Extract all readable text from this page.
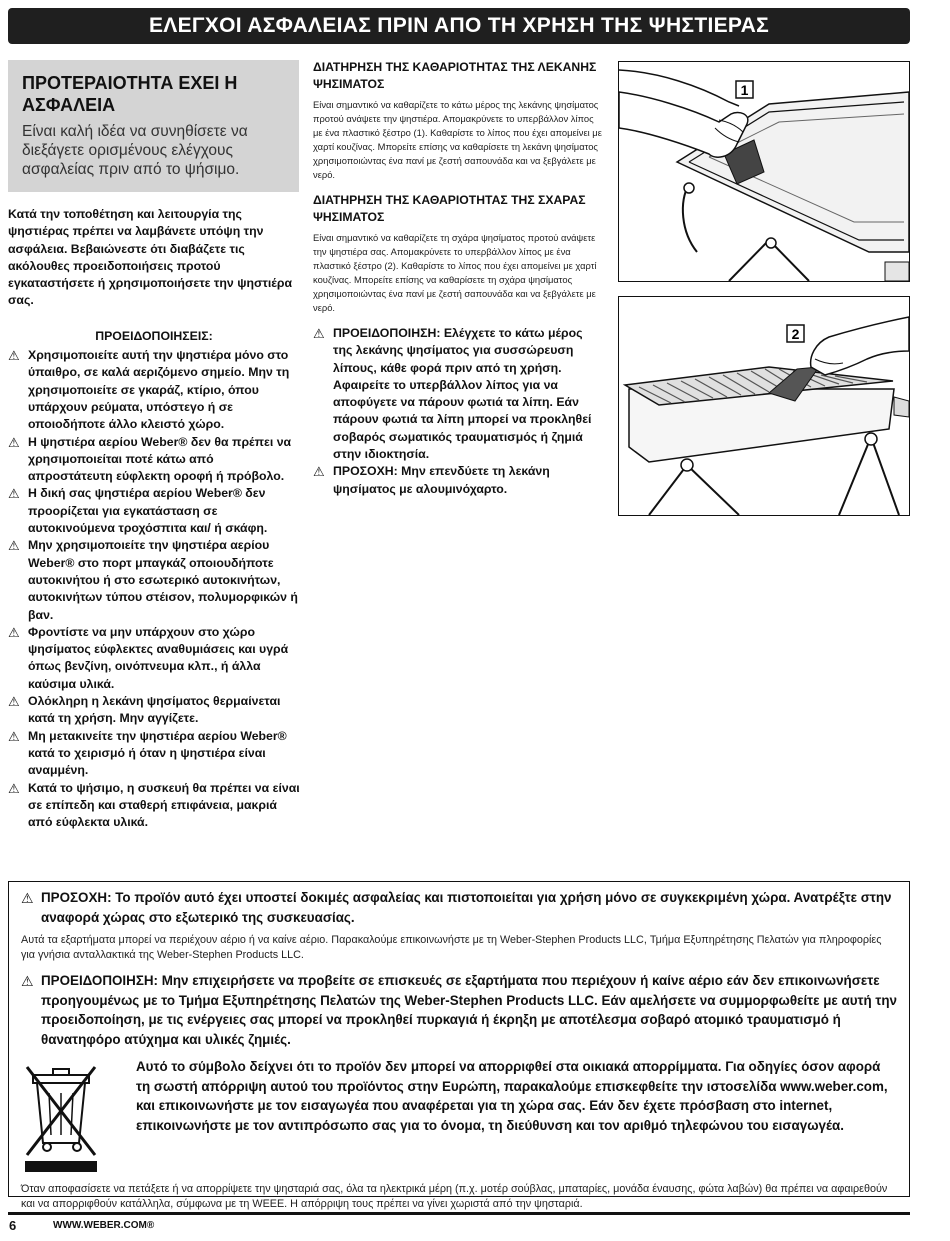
ΕΛΕΓΧΟΙ ΑΣΦΑΛΕΙΑΣ ΠΡΙΝ ΑΠΟ ΤΗ ΧΡΗΣΗ ΤΗΣ ΨΗΣΤΙΕΡΑΣ
ΠΡΟΤΕΡΑΙΟΤΗΤΑ ΕΧΕΙ Η ΑΣΦΑΛΕΙΑ
Είναι καλή ιδέα να συνηθίσετε να διεξάγετε ορισμένους ελέγχους ασφαλείας πριν από το ψήσιμο.

Κατά την τοποθέτηση και λειτουργία της ψηστιέρας πρέπει να λαμβάνετε υπόψη την ασφάλεια. Βεβαιώνεστε ότι διαβάζετε τις ακόλουθες προειδοποιήσεις προτού εγκαταστήσετε ή χρησιμοποιήσετε την ψηστιέρα σας.

ΠΡΟΕΙΔΟΠΟΙΗΣΕΙΣ:
⚠ Χρησιμοποιείτε αυτή την ψηστιέρα μόνο στο ύπαιθρο, σε καλά αεριζόμενο σημείο. Μην τη χρησιμοποιείτε σε γκαράζ, κτίριο, όπου υπάρχουν ρεύματα, υπόστεγο ή σε οποιοδήποτε άλλο κλειστό χώρο.
⚠ Η ψηστιέρα αερίου Weber® δεν θα πρέπει να χρησιμοποιείται ποτέ κάτω από απροστάτευτη εύφλεκτη οροφή ή πρόβολο.
⚠ Η δική σας ψηστιέρα αερίου Weber® δεν προορίζεται για εγκατάσταση σε αυτοκινούμενα τροχόσπιτα και/ ή σκάφη.
⚠ Μην χρησιμοποιείτε την ψηστιέρα αερίου Weber® στο πορτ μπαγκάζ οποιουδήποτε αυτοκινήτου ή στο εσωτερικό αυτοκινήτων, αυτοκινήτων τύπου στέισον, πολυμορφικών ή βαν.
⚠ Φροντίστε να μην υπάρχουν στο χώρο ψησίματος εύφλεκτες αναθυμιάσεις και υγρά όπως βενζίνη, οινόπνευμα κλπ., ή άλλα καύσιμα υλικά.
⚠ Ολόκληρη η λεκάνη ψησίματος θερμαίνεται κατά τη χρήση. Μην αγγίζετε.
⚠ Μη μετακινείτε την ψηστιέρα αερίου Weber® κατά το χειρισμό ή όταν η ψηστιέρα είναι αναμμένη.
⚠ Κατά το ψήσιμο, η συσκευή θα πρέπει να είναι σε επίπεδη και σταθερή επιφάνεια, μακριά από εύφλεκτα υλικά.
ΔΙΑΤΗΡΗΣΗ ΤΗΣ ΚΑΘΑΡΙΟΤΗΤΑΣ ΤΗΣ ΛΕΚΑΝΗΣ ΨΗΣΙΜΑΤΟΣ
Είναι σημαντικό να καθαρίζετε το κάτω μέρος της λεκάνης ψησίματος προτού ανάψετε την ψηστιέρα. Απομακρύνετε το υπερβάλλον λίπος με ένα πλαστικό ξέστρο (1). Καθαρίστε το λίπος που έχει απομείνει με χαρτί κουζίνας. Μπορείτε επίσης να καθαρίσετε τη λεκάνη ψησίματος χρησιμοποιώντας ένα πανί με ζεστή σαπουνάδα και να ξεβγάλετε με νερό.
ΔΙΑΤΗΡΗΣΗ ΤΗΣ ΚΑΘΑΡΙΟΤΗΤΑΣ ΤΗΣ ΣΧΑΡΑΣ ΨΗΣΙΜΑΤΟΣ
Είναι σημαντικό να καθαρίζετε τη σχάρα ψησίματος προτού ανάψετε την ψηστιέρα σας. Απομακρύνετε το υπερβάλλον λίπος με ένα πλαστικό ξέστρο (2). Καθαρίστε το λίπος που έχει απομείνει με χαρτί κουζίνας. Μπορείτε επίσης να καθαρίσετε τη σχάρα ψησίματος χρησιμοποιώντας ένα πανί με ζεστή σαπουνάδα και να ξεβγάλετε με νερό.
⚠ ΠΡΟΕΙΔΟΠΟΙΗΣΗ: Ελέγχετε το κάτω μέρος της λεκάνης ψησίματος για συσσώρευση λίπους, κάθε φορά πριν από τη χρήση. Αφαιρείτε το υπερβάλλον λίπος για να αποφύγετε να πάρουν φωτιά τα λίπη. Εάν πάρουν φωτιά τα λίπη μπορεί να προκληθεί σοβαρός σωματικός τραυματισμός ή ζημιά στην ιδιοκτησία.
⚠ ΠΡΟΣΟΧΗ: Μην επενδύετε τη λεκάνη ψησίματος με αλουμινόχαρτο.
1
2

⚠ ΠΡΟΣΟΧΗ: Το προϊόν αυτό έχει υποστεί δοκιμές ασφαλείας και πιστοποιείται για χρήση μόνο σε συγκεκριμένη χώρα. Ανατρέξτε στην αναφορά χώρας στο εξωτερικό της συσκευασίας.

Αυτά τα εξαρτήματα μπορεί να περιέχουν αέριο ή να καίνε αέριο. Παρακαλούμε επικοινωνήστε με τη Weber-Stephen Products LLC, Τμήμα Εξυπηρέτησης Πελατών για πληροφορίες για γνήσια ανταλλακτικά της Weber-Stephen Products LLC.

⚠ ΠΡΟΕΙΔΟΠΟΙΗΣΗ: Μην επιχειρήσετε να προβείτε σε επισκευές σε εξαρτήματα που περιέχουν ή καίνε αέριο εάν δεν επικοινωνήσετε προηγουμένως με το Τμήμα Εξυπηρέτησης Πελατών της Weber-Stephen Products LLC. Εάν αμελήσετε να συμμορφωθείτε με αυτή την προειδοποίηση, με τις ενέργειες σας μπορεί να προκληθεί πυρκαγιά ή έκρηξη με αποτέλεσμα σοβαρό ατομικό τραυματισμό ή θανατηφόρο ατύχημα και υλικές ζημιές.

Αυτό το σύμβολο δείχνει ότι το προϊόν δεν μπορεί να απορριφθεί στα οικιακά απορρίμματα. Για οδηγίες όσον αφορά τη σωστή απόρριψη αυτού του προϊόντος στην Ευρώπη, παρακαλούμε επισκεφθείτε την ιστοσελίδα www.weber.com, και επικοινωνήστε με τον εισαγωγέα που αναφέρεται για τη χώρα σας. Εάν δεν έχετε πρόσβαση στο internet, επικοινωνήστε με τον αντιπρόσωπο σας για το όνομα, τη διεύθυνση και τον αριθμό τηλεφώνου του εισαγωγέα.
Όταν αποφασίσετε να πετάξετε ή να απορρίψετε την ψησταριά σας, όλα τα ηλεκτρικά μέρη (π.χ. μοτέρ σούβλας, μπαταρίες, μονάδα έναυσης, φώτα λαβών) θα πρέπει να αφαιρεθούν και να απορριφθούν κατάλληλα, σύμφωνα με τη WEEE. Η απόρριψη τους πρέπει να γίνει χωριστά από την ψησταριά.
6	WWW.WEBER.COM®
